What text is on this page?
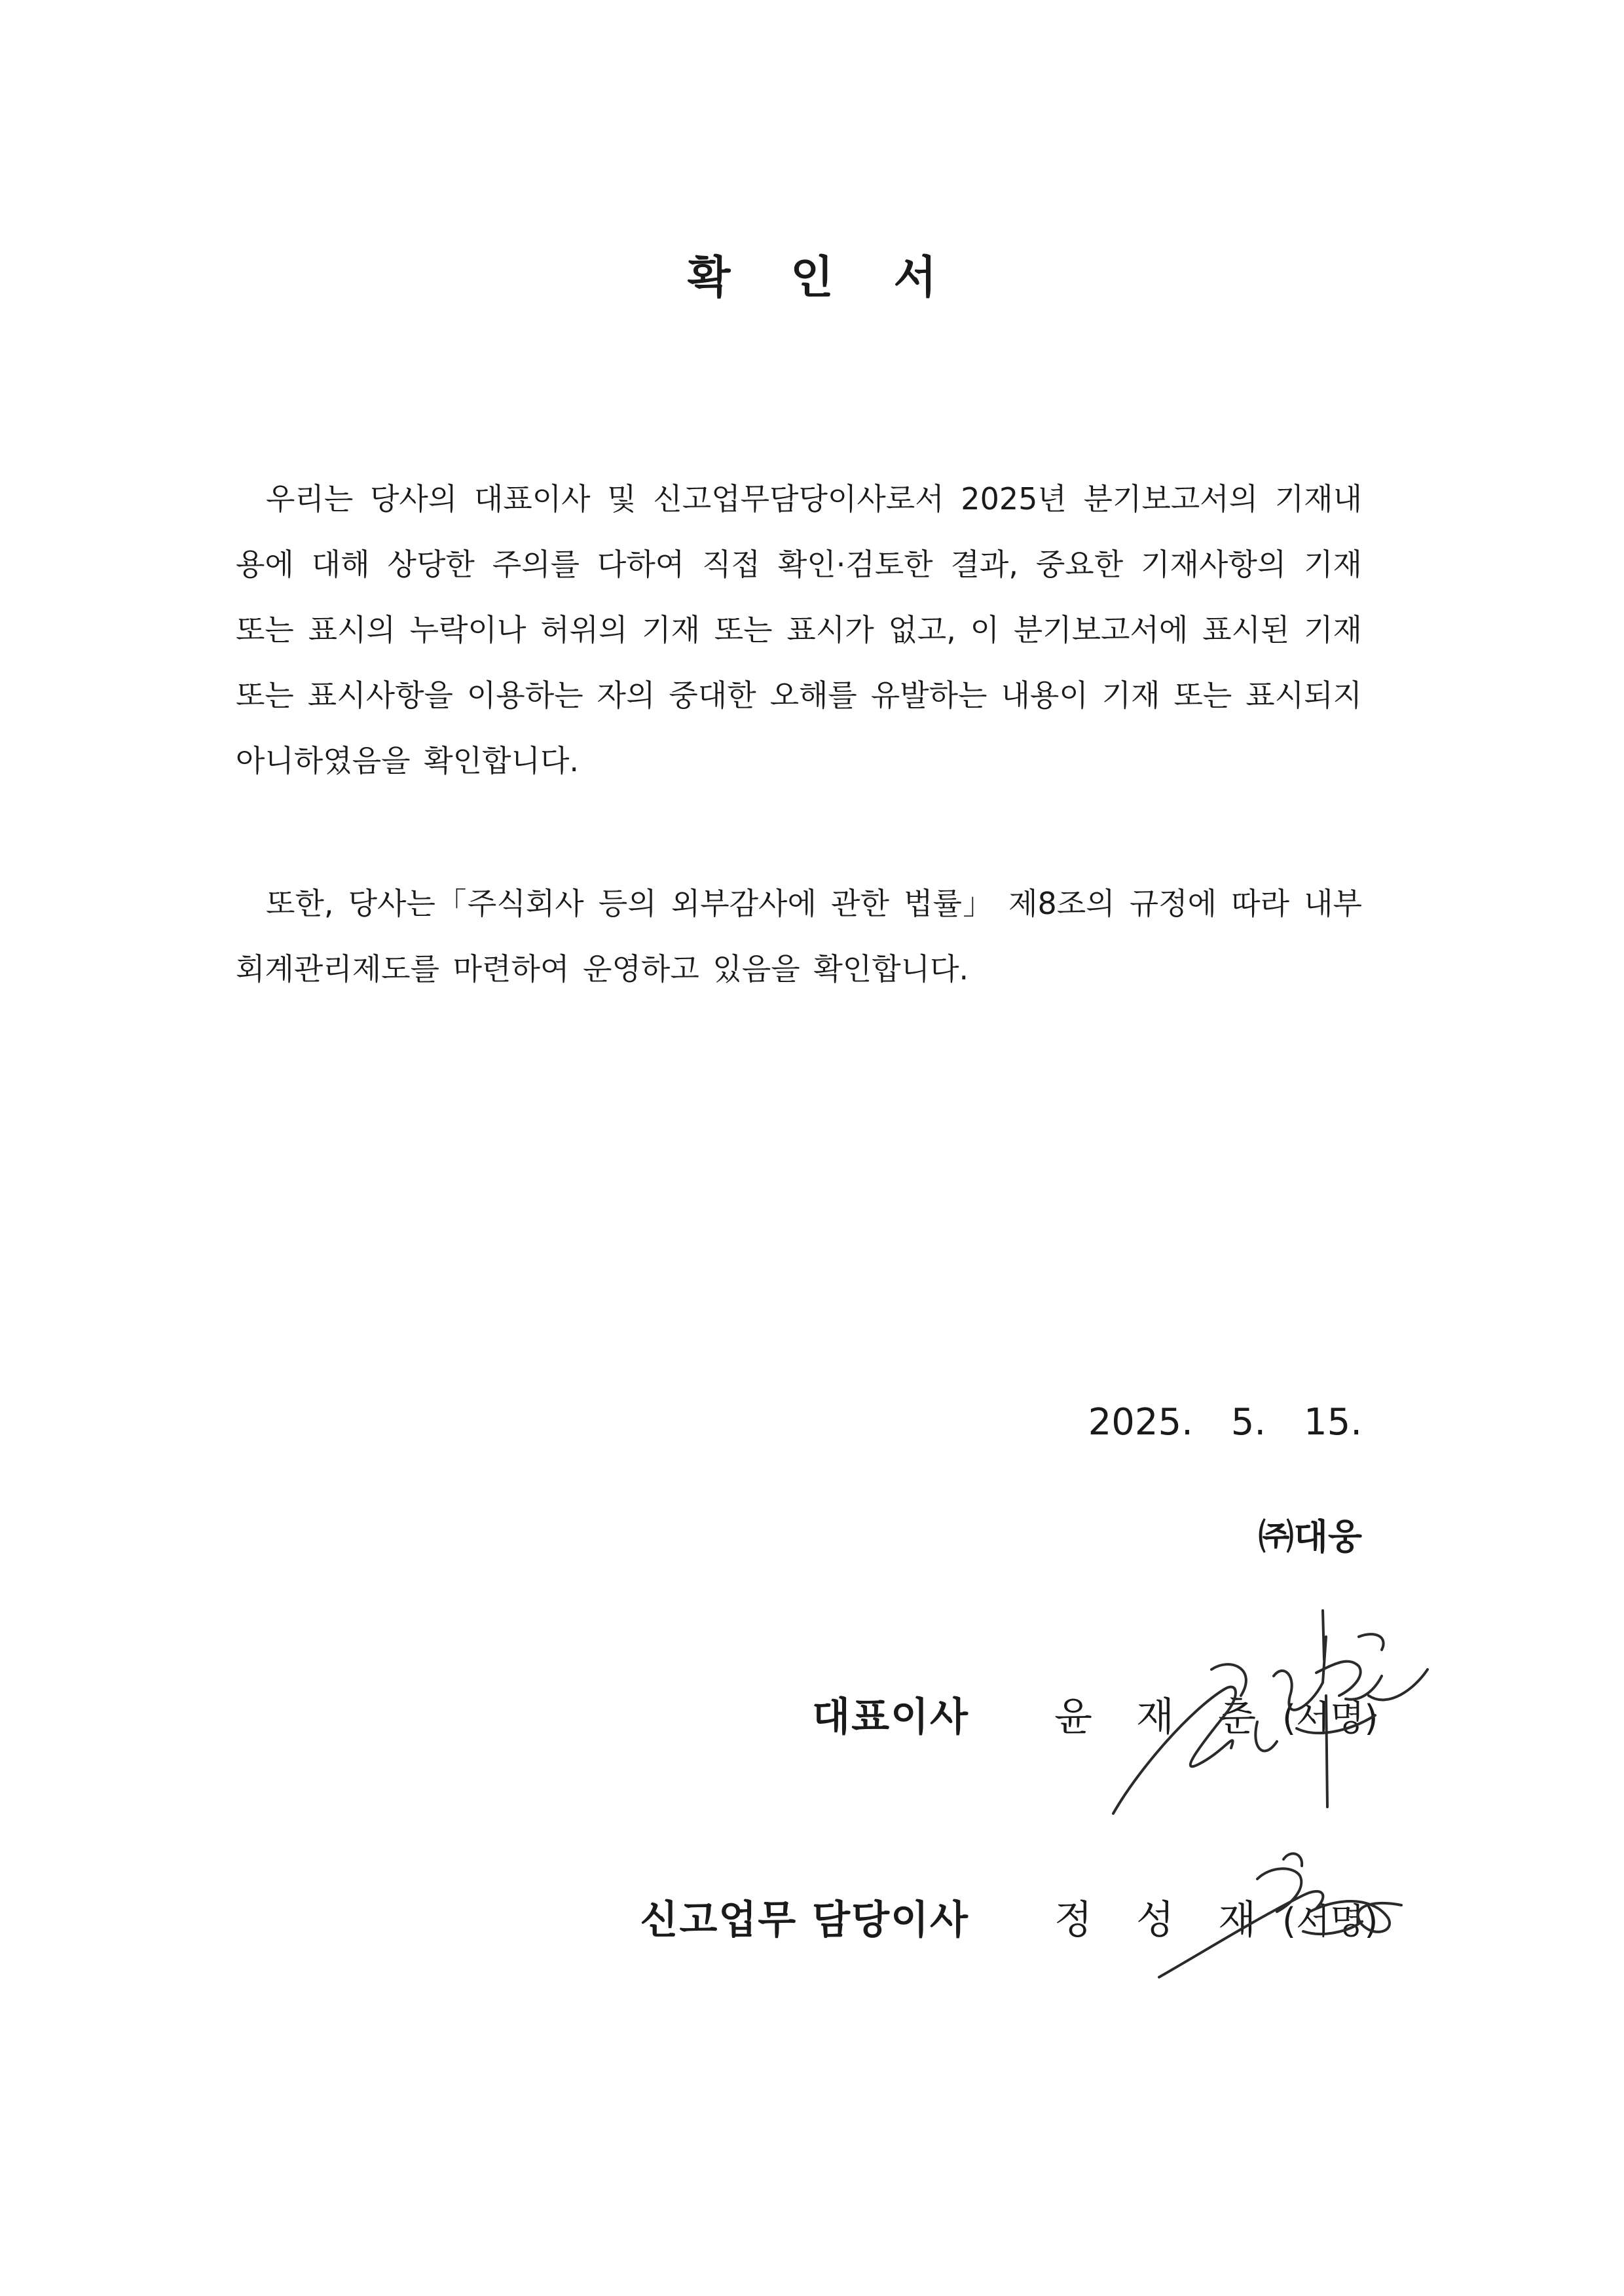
확 인 서

우리는 당사의 대표이사 및 신고업무담당이사로서 2025년 분기보고서의 기재내용에 대해 상당한 주의를 다하여 직접 확인·검토한 결과, 중요한 기재사항의 기재 또는 표시의 누락이나 허위의 기재 또는 표시가 없고, 이 분기보고서에 표시된 기재 또는 표시사항을 이용하는 자의 중대한 오해를 유발하는 내용이 기재 또는 표시되지 아니하였음을 확인합니다.

또한, 당사는「주식회사 등의 외부감사에 관한 법률」 제8조의 규정에 따라 내부회계관리제도를 마련하여 운영하고 있음을 확인합니다.

2025. 5. 15.
㈜대웅
대표이사 윤 재 춘 (서명)
신고업무 담당이사 정 성 재 (서명)
